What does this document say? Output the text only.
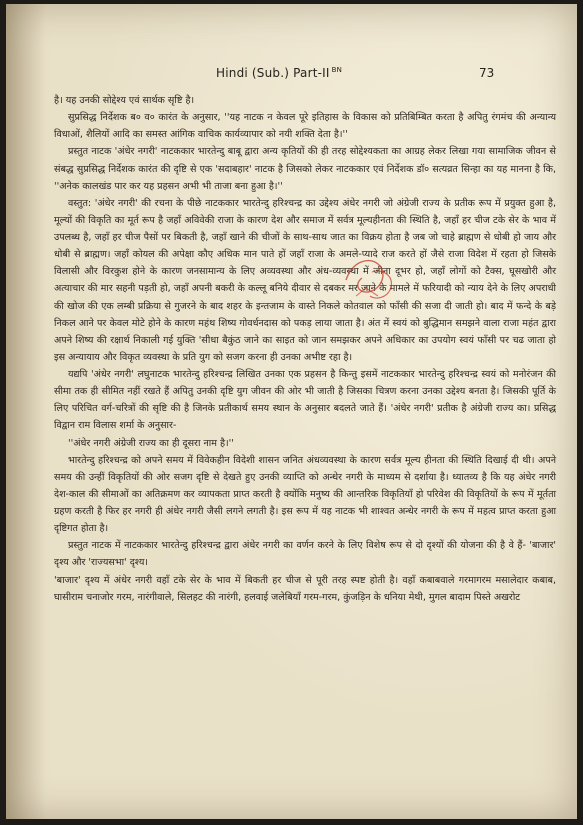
Hindi (Sub.) Part-II $^{BN}$	73

है। यह उनकी सोद्देश्य एवं सार्थक सृष्टि है।

सुप्रसिद्ध निर्देशक ब० व० कारंत के अनुसार, ''यह नाटक न केवल पूरे इतिहास के विकास को प्रतिबिम्बित करता है अपितु रंगमंच की अन्यान्य विधाओं, शैलियों आदि का समस्त आंगिक वाचिक कार्यव्यापार को नयी शक्ति देता है।''

प्रस्तुत नाटक 'अंधेर नगरी' नाटककार भारतेन्दु बाबू द्वारा अन्य कृतियों की ही तरह सोद्देश्यकता का आग्रह लेकर लिखा गया सामाजिक जीवन से संबद्ध सुप्रसिद्ध निर्देशक कारंत की दृष्टि से एक 'सदाबहार' नाटक है जिसको लेकर नाटककार एवं निर्देशक डॉ० सत्यव्रत सिन्हा का यह मानना है कि, ''अनेक कालखंड पार कर यह प्रहसन अभी भी ताजा बना हुआ है।''

वस्तुत: 'अंधेर नगरी' की रचना के पीछे नाटककार भारतेन्दु हरिश्चन्द्र का उद्देश्य अंधेर नगरी जो अंग्रेजी राज्य के प्रतीक रूप में प्रयुक्त हुआ है, मूल्यों की विकृति का मूर्त रूप है जहाँ अविवेकी राजा के कारण देश और समाज में सर्वत्र मूल्यहीनता की स्थिति है, जहाँ हर चीज टके सेर के भाव में उपलब्ध है, जहाँ हर चीज पैसों पर बिकती है, जहाँ खाने की चीजों के साथ-साथ जात का विक्रय होता है जब जो चाहे ब्राह्मण से धोबी हो जाय और धोबी से ब्राह्मण। जहाँ कोयल की अपेक्षा कौए अधिक मान पाते हों जहाँ राजा के अमले-प्यादे राज करते हों जैसे राजा विदेश में रहता हो जिसके विलासी और विरकुश होने के कारण जनसामान्य के लिए अव्यवस्था और अंध-व्यवस्था में जीना दूभर हो, जहाँ लोगों को टैक्स, घूसखोरी और अत्याचार की मार सहनी पड़ती हो, जहाँ अपनी बकरी के कल्लू बनिये दीवार से दबकर मर जाने के मामले में फरियादी को न्याय देने के लिए अपराधी की खोज की एक लम्बी प्रक्रिया से गुजरने के बाद शहर के इन्तजाम के वास्ते निकले कोतवाल को फाँसी की सजा दी जाती हो। बाद में फन्दे के बड़े निकल आने पर केवल मोटे होने के कारण महंथ शिष्य गोवर्धनदास को पकड़ लाया जाता है। अंत में स्वयं को बुद्धिमान समझने वाला राजा महंत द्वारा अपने शिष्य की रक्षार्थ निकाली गई युक्ति 'सीधा बैकुंठ जाने का साइत को जान समझकर अपने अधिकार का उपयोग स्वयं फाँसी पर चढ जाता हो इस अन्यायाय और विकृत व्यवस्था के प्रति युग को सजग करना ही उनका अभीष्ट रहा है।

यद्यपि 'अंधेर नगरी' लघुनाटक भारतेन्दु हरिश्चन्द्र लिखित उनका एक प्रहसन है किन्तु इसमें नाटककार भारतेन्दु हरिश्चन्द्र स्वयं को मनोरंजन की सीमा तक ही सीमित नहीं रखते हैं अपितु उनकी दृष्टि युग जीवन की ओर भी जाती है जिसका चित्रण करना उनका उद्देश्य बनता है। जिसकी पूर्ति के लिए परिचित वर्ग-चरित्रों की सृष्टि की है जिनके प्रतीकार्थ समय स्थान के अनुसार बदलते जाते हैं। 'अंधेर नगरी' प्रतीक है अंग्रेजी राज्य का। प्रसिद्ध विद्वान राम विलास शर्मा के अनुसार-

''अंधेर नगरी अंग्रेजी राज्य का ही दूसरा नाम है।''

भारतेन्दु हरिश्चन्द्र को अपने समय में विवेकहीन विदेशी शासन जनित अंधव्यवस्था के कारण सर्वत्र मूल्य हीनता की स्थिति दिखाई दी थी। अपने समय की उन्हीं विकृतियों की ओर सजग दृष्टि से देखते हुए उनकी व्याप्ति को अन्धेर नगरी के माध्यम से दर्शाया है। ध्यातव्य है कि यह अंधेर नगरी देश-काल की सीमाओं का अतिक्रमण कर व्यापकता प्राप्त करती है क्योंकि मनुष्य की आन्तरिक विकृतियाँ हो परिवेश की विकृतियों के रूप में मूर्तता ग्रहण करती है फिर हर नगरी ही अंधेर नगरी जैसी लगने लगती है। इस रूप में यह नाटक भी शाश्वत अन्धेर नगरी के रूप में महत्व प्राप्त करता हुआ दृष्टिगत होता है।

प्रस्तुत नाटक में नाटककार भारतेन्दु हरिश्चन्द्र द्वारा अंधेर नगरी का वर्णन करने के लिए विशेष रूप से दो दृश्यों की योजना की है वे हैं- 'बाजार' दृश्य और 'राज्यसभा' दृश्य।

'बाजार' दृश्य में अंधेर नगरी वहाँ टके सेर के भाव में बिकती हर चीज से पूरी तरह स्पष्ट होती है। वहाँ कबाबवाले गरमागरम मसालेदार कबाब, घासीराम चनाजोर गरम, नारंगीवाले, सिलहट की नारंगी, हलवाई जलेबियाँ गरम-गरम, कुंजड़िन के धनिया मेथी, मुगल बादाम पिस्ते अखरोट
